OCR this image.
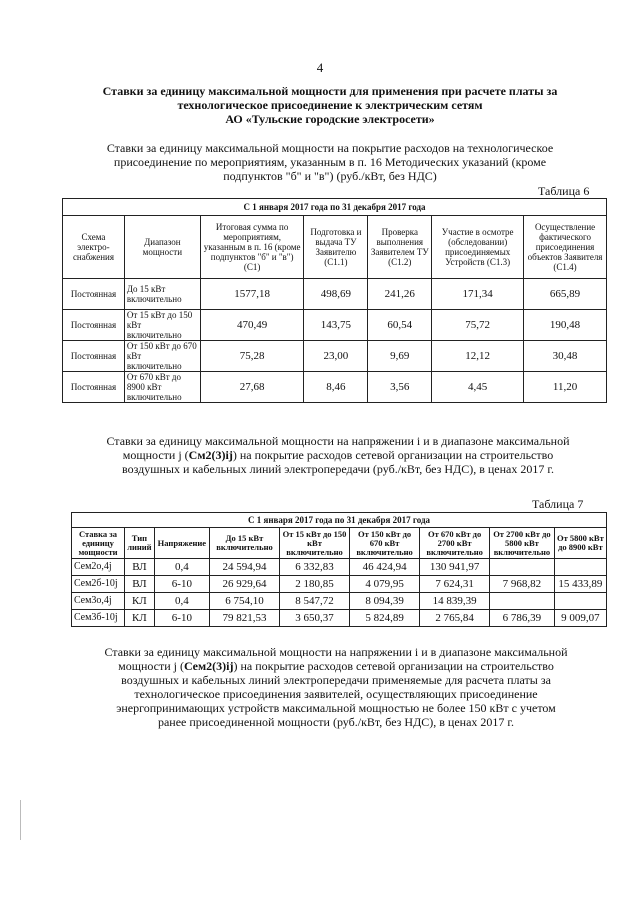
4
Ставки за единицу максимальной мощности для применения при расчете платы за
технологическое присоединение к электрическим сетям
АО «Тульские городские электросети»
Ставки за единицу максимальной мощности на покрытие расходов на технологическое
присоединение по мероприятиям, указанным в п. 16 Методических указаний (кроме
подпунктов "б" и "в") (руб./кВт, без НДС)
Таблица 6
С 1 января 2017 года по 31 декабря 2017 года						
Схема электро-снабжения	Диапазон мощности	Итоговая сумма по мероприятиям, указанным в п. 16 (кроме подпунктов "б" и "в") (С1)	Подготовка и выдача ТУ Заявителю (С1.1)	Проверка выполнения Заявителем ТУ (С1.2)	Участие в осмотре (обследовании) присоединяемых Устройств (С1.3)	Осуществление фактического присоединения объектов Заявителя (С1.4)
Постоянная	До 15 кВт включительно	1577,18	498,69	241,26	171,34	665,89
Постоянная	От 15 кВт до 150 кВт включительно	470,49	143,75	60,54	75,72	190,48
Постоянная	От 150 кВт до 670 кВт включительно	75,28	23,00	9,69	12,12	30,48
Постоянная	От 670 кВт до 8900 кВт включительно	27,68	8,46	3,56	4,45	11,20
Ставки за единицу максимальной мощности на напряжении i и в диапазоне максимальной
мощности j (Cм2(3)ij) на покрытие расходов сетевой организации на строительство
воздушных и кабельных линий электропередачи (руб./кВт, без НДС), в ценах 2017 г.
Таблица 7
С 1 января 2017 года по 31 декабря 2017 года								
Ставка за единицу мощности	Тип линий	Напряжение	До 15 кВт включительно	От 15 кВт до 150 кВт включительно	От 150 кВт до 670 кВт включительно	От 670 кВт до 2700 кВт включительно	От 2700 кВт до 5800 кВт включительно	От 5800 кВт до 8900 кВт
Cем2о,4j	ВЛ	0,4	24 594,94	6 332,83	46 424,94	130 941,97		
Cем2б-10j	ВЛ	6-10	26 929,64	2 180,85	4 079,95	7 624,31	7 968,82	15 433,89
Cем3о,4j	КЛ	0,4	6 754,10	8 547,72	8 094,39	14 839,39		
Cем3б-10j	КЛ	6-10	79 821,53	3 650,37	5 824,89	2 765,84	6 786,39	9 009,07
Ставки за единицу максимальной мощности на напряжении i и в диапазоне максимальной
мощности j (Cем2(3)ij) на покрытие расходов сетевой организации на строительство
воздушных и кабельных линий электропередачи применяемые для расчета платы за
технологическое присоединения заявителей, осуществляющих присоединение
энергопринимающих устройств максимальной мощностью не более 150 кВт с учетом
ранее присоединенной мощности (руб./кВт, без НДС), в ценах 2017 г.
